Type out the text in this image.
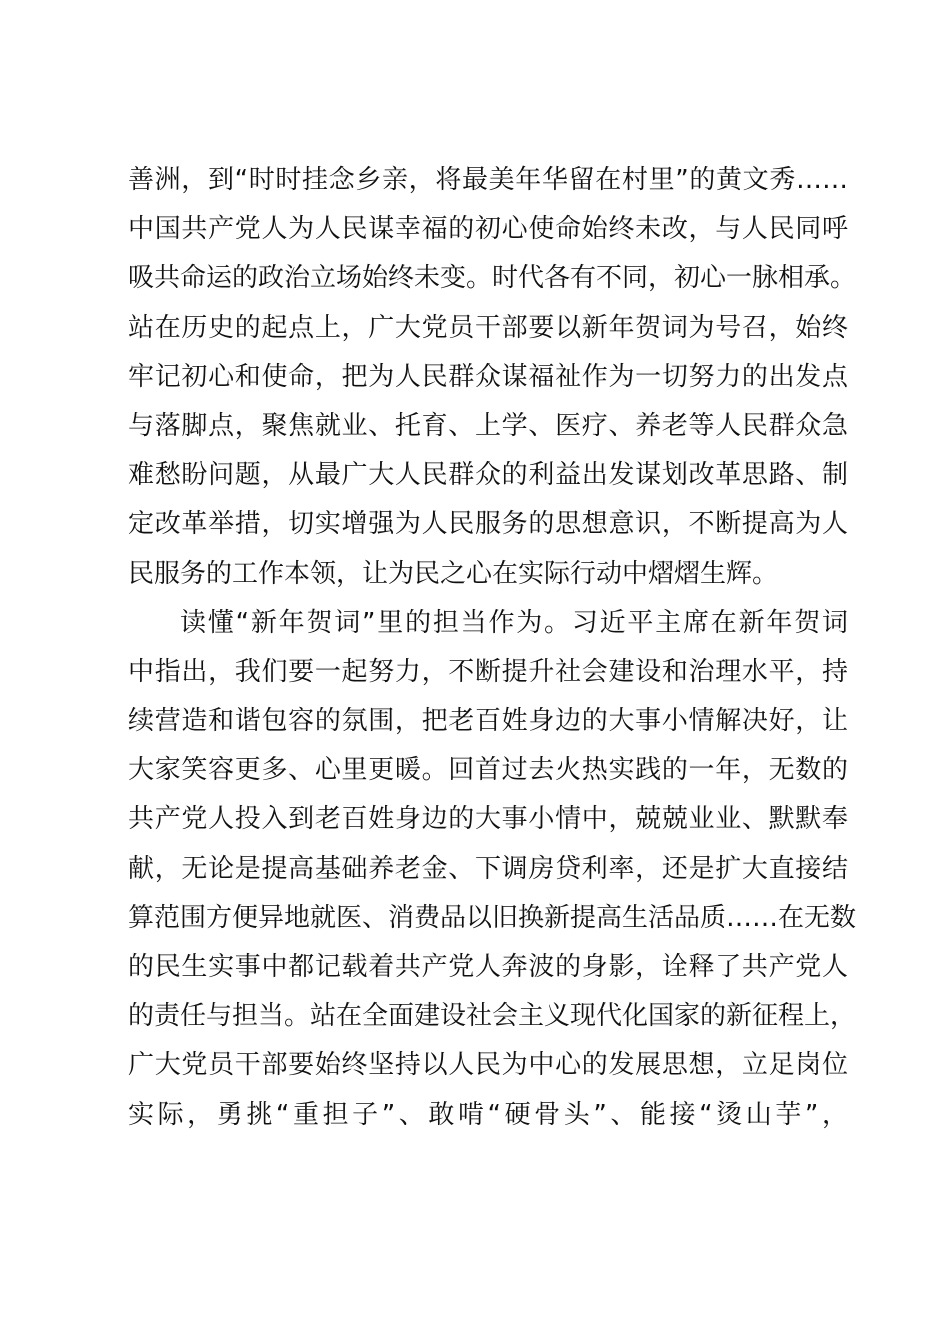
善洲，到“时时挂念乡亲，将最美年华留在村里”的黄文秀……
中国共产党人为人民谋幸福的初心使命始终未改，与人民同呼
吸共命运的政治立场始终未变。时代各有不同，初心一脉相承。
站在历史的起点上，广大党员干部要以新年贺词为号召，始终
牢记初心和使命，把为人民群众谋福祉作为一切努力的出发点
与落脚点，聚焦就业、托育、上学、医疗、养老等人民群众急
难愁盼问题，从最广大人民群众的利益出发谋划改革思路、制
定改革举措，切实增强为人民服务的思想意识，不断提高为人
民服务的工作本领，让为民之心在实际行动中熠熠生辉。
读懂“新年贺词”里的担当作为。习近平主席在新年贺词
中指出，我们要一起努力，不断提升社会建设和治理水平，持
续营造和谐包容的氛围，把老百姓身边的大事小情解决好，让
大家笑容更多、心里更暖。回首过去火热实践的一年，无数的
共产党人投入到老百姓身边的大事小情中，兢兢业业、默默奉
献，无论是提高基础养老金、下调房贷利率，还是扩大直接结
算范围方便异地就医、消费品以旧换新提高生活品质……在无数
的民生实事中都记载着共产党人奔波的身影，诠释了共产党人
的责任与担当。站在全面建设社会主义现代化国家的新征程上，
广大党员干部要始终坚持以人民为中心的发展思想，立足岗位
实际，勇挑“重担子”、敢啃“硬骨头”、能接“烫山芋”，
